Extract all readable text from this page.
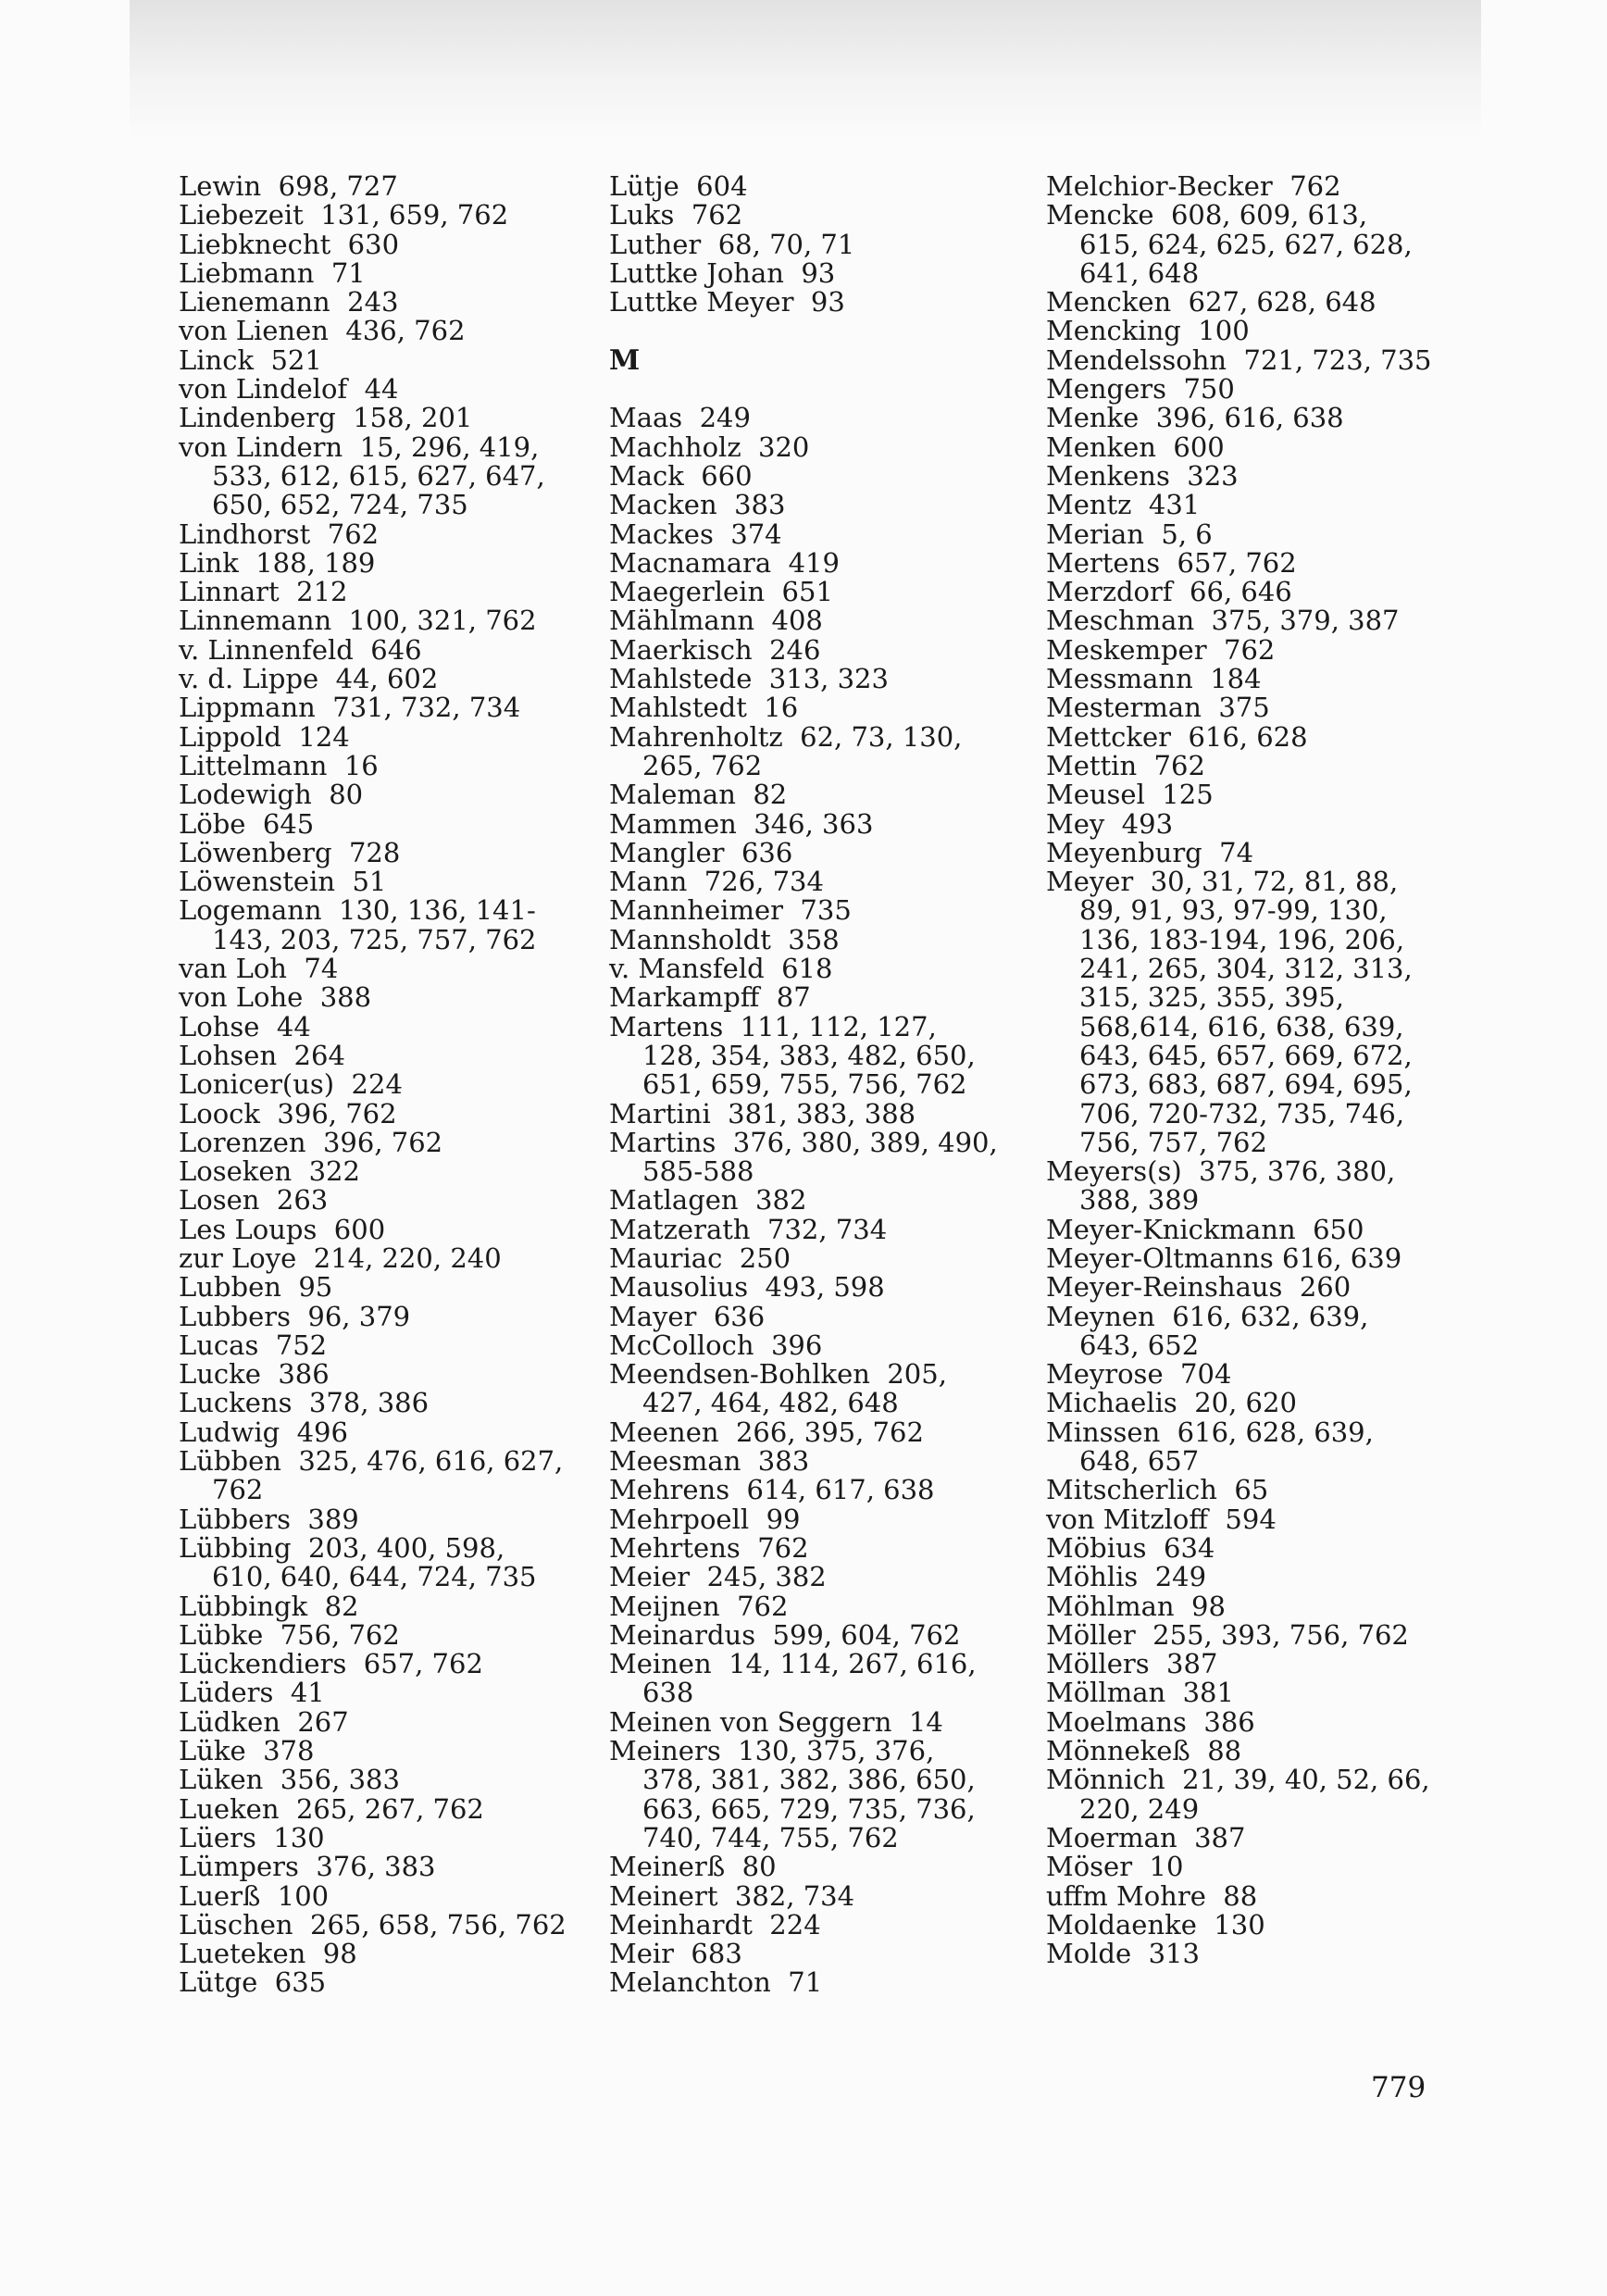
Lewin  698, 727
Liebezeit  131, 659, 762
Liebknecht  630
Liebmann  71
Lienemann  243
von Lienen  436, 762
Linck  521
von Lindelof  44
Lindenberg  158, 201
von Lindern  15, 296, 419, 533, 612, 615, 627, 647, 650, 652, 724, 735
Lindhorst  762
Link  188, 189
Linnart  212
Linnemann  100, 321, 762
v. Linnenfeld  646
v. d. Lippe  44, 602
Lippmann  731, 732, 734
Lippold  124
Littelmann  16
Lodewigh  80
Löbe  645
Löwenberg  728
Löwenstein  51
Logemann  130, 136, 141-143, 203, 725, 757, 762
van Loh  74
von Lohe  388
Lohse  44
Lohsen  264
Lonicer(us)  224
Loock  396, 762
Lorenzen  396, 762
Loseken  322
Losen  263
Les Loups  600
zur Loye  214, 220, 240
Lubben  95
Lubbers  96, 379
Lucas  752
Lucke  386
Luckens  378, 386
Ludwig  496
Lübben  325, 476, 616, 627, 762
Lübbers  389
Lübbing  203, 400, 598, 610, 640, 644, 724, 735
Lübbingk  82
Lübke  756, 762
Lückendiers  657, 762
Lüders  41
Lüdken  267
Lüke  378
Lüken  356, 383
Lueken  265, 267, 762
Lüers  130
Lümpers  376, 383
Luerß  100
Lüschen  265, 658, 756, 762
Lueteken  98
Lütge  635
Lütje  604
Luks  762
Luther  68, 70, 71
Luttke Johan  93
Luttke Meyer  93
M
Maas  249
Machholz  320
Mack  660
Macken  383
Mackes  374
Macnamara  419
Maegerlein  651
Mählmann  408
Maerkisch  246
Mahlstede  313, 323
Mahlstedt  16
Mahrenholtz  62, 73, 130, 265, 762
Maleman  82
Mammen  346, 363
Mangler  636
Mann  726, 734
Mannheimer  735
Mannsholdt  358
v. Mansfeld  618
Markampff  87
Martens  111, 112, 127, 128, 354, 383, 482, 650, 651, 659, 755, 756, 762
Martini  381, 383, 388
Martins  376, 380, 389, 490, 585-588
Matlagen  382
Matzerath  732, 734
Mauriac  250
Mausolius  493, 598
Mayer  636
McColloch  396
Meendsen-Bohlken  205, 427, 464, 482, 648
Meenen  266, 395, 762
Meesman  383
Mehrens  614, 617, 638
Mehrpoell  99
Mehrtens  762
Meier  245, 382
Meijnen  762
Meinardus  599, 604, 762
Meinen  14, 114, 267, 616, 638
Meinen von Seggern  14
Meiners  130, 375, 376, 378, 381, 382, 386, 650, 663, 665, 729, 735, 736, 740, 744, 755, 762
Meinerß  80
Meinert  382, 734
Meinhardt  224
Meir  683
Melanchton  71
Melchior-Becker  762
Mencke  608, 609, 613, 615, 624, 625, 627, 628, 641, 648
Mencken  627, 628, 648
Mencking  100
Mendelssohn  721, 723, 735
Mengers  750
Menke  396, 616, 638
Menken  600
Menkens  323
Mentz  431
Merian  5, 6
Mertens  657, 762
Merzdorf  66, 646
Meschman  375, 379, 387
Meskemper  762
Messmann  184
Mesterman  375
Mettcker  616, 628
Mettin  762
Meusel  125
Mey  493
Meyenburg  74
Meyer  30, 31, 72, 81, 88, 89, 91, 93, 97-99, 130, 136, 183-194, 196, 206, 241, 265, 304, 312, 313, 315, 325, 355, 395, 568,614, 616, 638, 639, 643, 645, 657, 669, 672, 673, 683, 687, 694, 695, 706, 720-732, 735, 746, 756, 757, 762
Meyers(s)  375, 376, 380, 388, 389
Meyer-Knickmann  650
Meyer-Oltmanns 616, 639
Meyer-Reinshaus  260
Meynen  616, 632, 639, 643, 652
Meyrose  704
Michaelis  20, 620
Minssen  616, 628, 639, 648, 657
Mitscherlich  65
von Mitzloff  594
Möbius  634
Möhlis  249
Möhlman  98
Möller  255, 393, 756, 762
Möllers  387
Möllman  381
Moelmans  386
Mönnekeß  88
Mönnich  21, 39, 40, 52, 66, 220, 249
Moerman  387
Möser  10
uffm Mohre  88
Moldaenke  130
Molde  313
779
